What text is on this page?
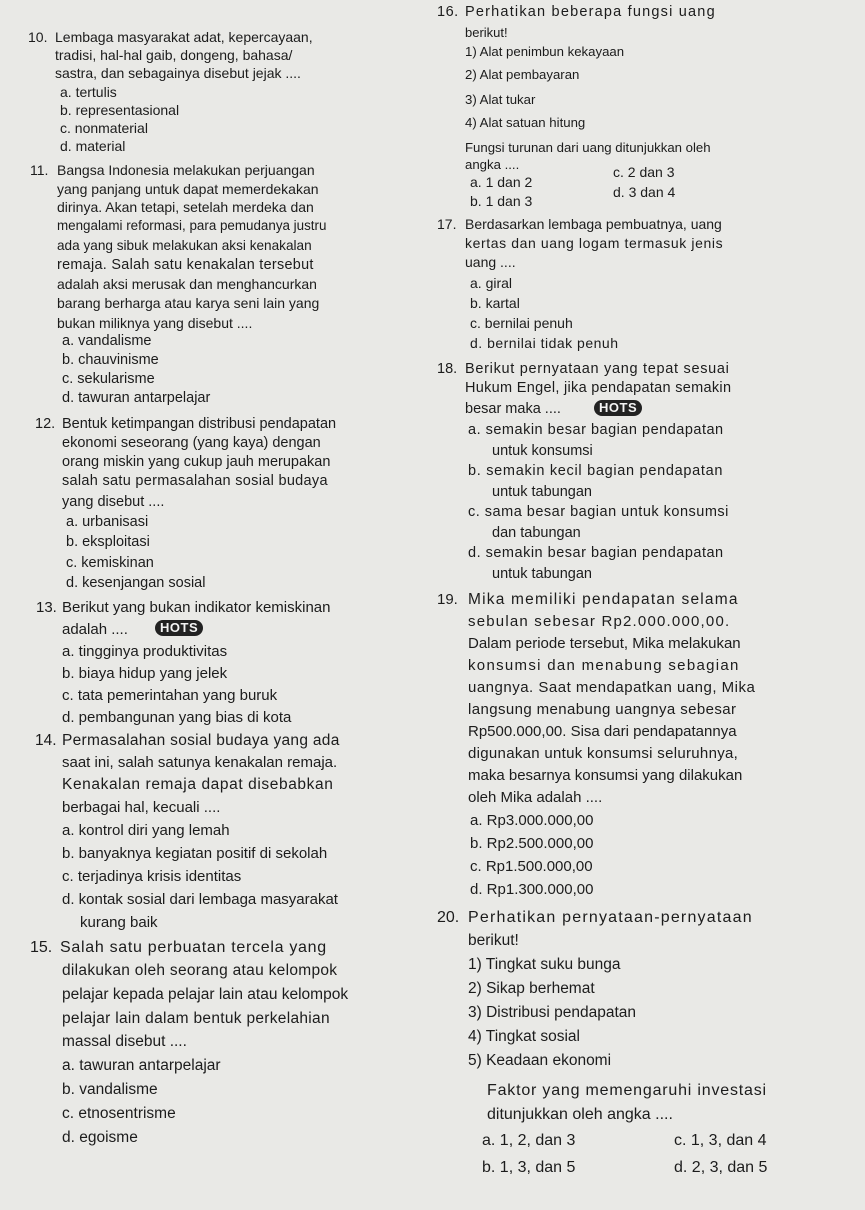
10. Lembaga masyarakat adat, kepercayaan,
tradisi, hal-hal gaib, dongeng, bahasa/
sastra, dan sebagainya disebut jejak ....
a. tertulis
b. representasional
c. nonmaterial
d. material
11. Bangsa Indonesia melakukan perjuangan
yang panjang untuk dapat memerdekakan
dirinya. Akan tetapi, setelah merdeka dan
mengalami reformasi, para pemudanya justru
ada yang sibuk melakukan aksi kenakalan
remaja. Salah satu kenakalan tersebut
adalah aksi merusak dan menghancurkan
barang berharga atau karya seni lain yang
bukan miliknya yang disebut ....
a. vandalisme
b. chauvinisme
c. sekularisme
d. tawuran antarpelajar
12. Bentuk ketimpangan distribusi pendapatan
ekonomi seseorang (yang kaya) dengan
orang miskin yang cukup jauh merupakan
salah satu permasalahan sosial budaya
yang disebut ....
a. urbanisasi
b. eksploitasi
c. kemiskinan
d. kesenjangan sosial
13. Berikut yang bukan indikator kemiskinan
adalah ....	HOTS
a. tingginya produktivitas
b. biaya hidup yang jelek
c. tata pemerintahan yang buruk
d. pembangunan yang bias di kota
14. Permasalahan sosial budaya yang ada
saat ini, salah satunya kenakalan remaja.
Kenakalan remaja dapat disebabkan
berbagai hal, kecuali ....
a. kontrol diri yang lemah
b. banyaknya kegiatan positif di sekolah
c. terjadinya krisis identitas
d. kontak sosial dari lembaga masyarakat
kurang baik
15. Salah satu perbuatan tercela yang
dilakukan oleh seorang atau kelompok
pelajar kepada pelajar lain atau kelompok
pelajar lain dalam bentuk perkelahian
massal disebut ....
a. tawuran antarpelajar
b. vandalisme
c. etnosentrisme
d. egoisme
16. Perhatikan beberapa fungsi uang
berikut!
1) Alat penimbun kekayaan
2) Alat pembayaran
3) Alat tukar
4) Alat satuan hitung
Fungsi turunan dari uang ditunjukkan oleh
angka ....
a. 1 dan 2
b. 1 dan 3
c. 2 dan 3
d. 3 dan 4
17. Berdasarkan lembaga pembuatnya, uang
kertas dan uang logam termasuk jenis
uang ....
a. giral
b. kartal
c. bernilai penuh
d. bernilai tidak penuh
18. Berikut pernyataan yang tepat sesuai
Hukum Engel, jika pendapatan semakin
besar maka ....	HOTS
a. semakin besar bagian pendapatan
untuk konsumsi
b. semakin kecil bagian pendapatan
untuk tabungan
c. sama besar bagian untuk konsumsi
dan tabungan
d. semakin besar bagian pendapatan
untuk tabungan
19. Mika memiliki pendapatan selama
sebulan sebesar Rp2.000.000,00.
Dalam periode tersebut, Mika melakukan
konsumsi dan menabung sebagian
uangnya. Saat mendapatkan uang, Mika
langsung menabung uangnya sebesar
Rp500.000,00. Sisa dari pendapatannya
digunakan untuk konsumsi seluruhnya,
maka besarnya konsumsi yang dilakukan
oleh Mika adalah ....
a. Rp3.000.000,00
b. Rp2.500.000,00
c. Rp1.500.000,00
d. Rp1.300.000,00
20. Perhatikan pernyataan-pernyataan
berikut!
1) Tingkat suku bunga
2) Sikap berhemat
3) Distribusi pendapatan
4) Tingkat sosial
5) Keadaan ekonomi
Faktor yang memengaruhi investasi
ditunjukkan oleh angka ....
a. 1, 2, dan 3
b. 1, 3, dan 5
c. 1, 3, dan 4
d. 2, 3, dan 5
